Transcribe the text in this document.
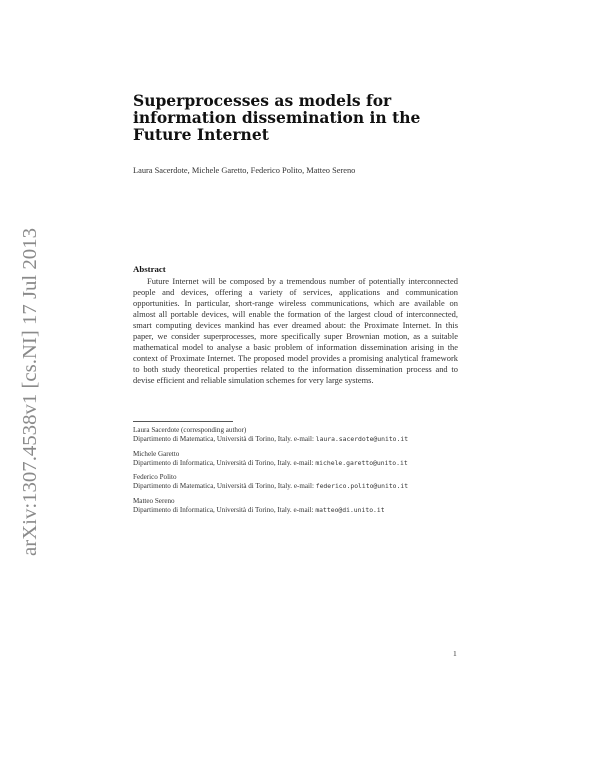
arXiv:1307.4538v1 [cs.NI] 17 Jul 2013
Superprocesses as models for
information dissemination in the
Future Internet
Laura Sacerdote, Michele Garetto, Federico Polito, Matteo Sereno
Abstract
Future Internet will be composed by a tremendous number of potentially interconnected people and devices, offering a variety of services, applications and communication opportunities. In particular, short-range wireless communications, which are available on almost all portable devices, will enable the formation of the largest cloud of interconnected, smart computing devices mankind has ever dreamed about: the Proximate Internet. In this paper, we consider superprocesses, more specifically super Brownian motion, as a suitable mathematical model to analyse a basic problem of information dissemination arising in the context of Proximate Internet. The proposed model provides a promising analytical framework to both study theoretical properties related to the information dissemination process and to devise efficient and reliable simulation schemes for very large systems.
Laura Sacerdote (corresponding author)
Dipartimento di Matematica, Università di Torino, Italy. e-mail: laura.sacerdote@unito.it
Michele Garetto
Dipartimento di Informatica, Università di Torino, Italy. e-mail: michele.garetto@unito.it
Federico Polito
Dipartimento di Matematica, Università di Torino, Italy. e-mail: federico.polito@unito.it
Matteo Sereno
Dipartimento di Informatica, Università di Torino, Italy. e-mail: matteo@di.unito.it
1
